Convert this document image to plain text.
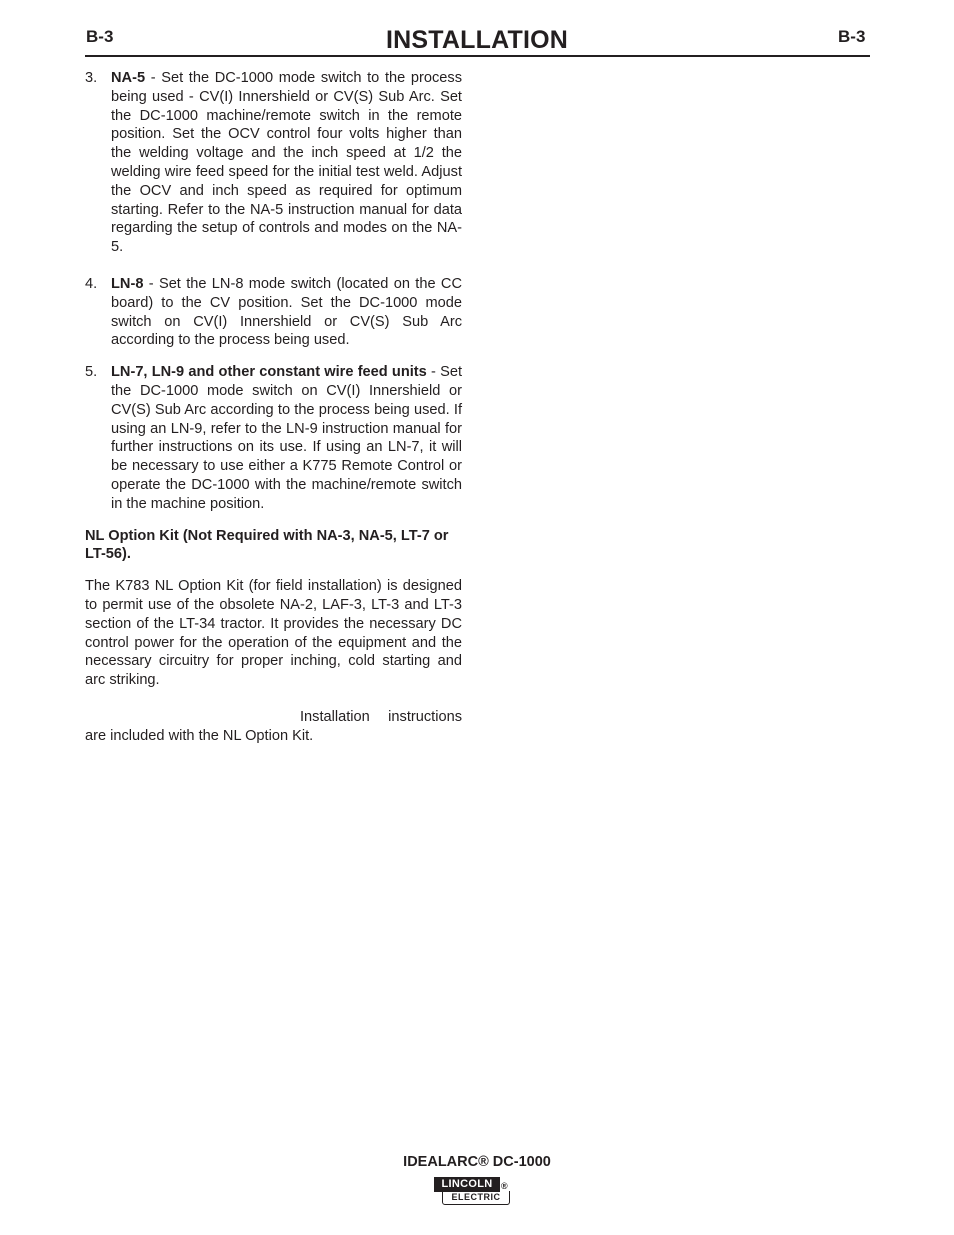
B-3	INSTALLATION	B-3
3. NA-5 - Set the DC-1000 mode switch to the process being used - CV(I) Innershield or CV(S) Sub Arc. Set the DC-1000 machine/remote switch in the remote position. Set the OCV control four volts higher than the welding voltage and the inch speed at 1/2 the welding wire feed speed for the initial test weld. Adjust the OCV and inch speed as required for optimum starting. Refer to the NA-5 instruction manual for data regarding the setup of controls and modes on the NA-5.
4. LN-8 - Set the LN-8 mode switch (located on the CC board) to the CV position. Set the DC-1000 mode switch on CV(I) Innershield or CV(S) Sub Arc according to the process being used.
5. LN-7, LN-9 and other constant wire feed units - Set the DC-1000 mode switch on CV(I) Innershield or CV(S) Sub Arc according to the process being used. If using an LN-9, refer to the LN-9 instruction manual for further instructions on its use. If using an LN-7, it will be necessary to use either a K775 Remote Control or operate the DC-1000 with the machine/remote switch in the machine position.
NL Option Kit (Not Required with NA-3, NA-5, LT-7 or LT-56).
The K783 NL Option Kit (for field installation) is designed to permit use of the obsolete NA-2, LAF-3, LT-3 and LT-3 section of the LT-34 tractor. It provides the necessary DC control power for the operation of the equipment and the necessary circuitry for proper inching, cold starting and arc striking.
Installation instructions are included with the NL Option Kit.
IDEALARC® DC-1000
LINCOLN
ELECTRIC
®
